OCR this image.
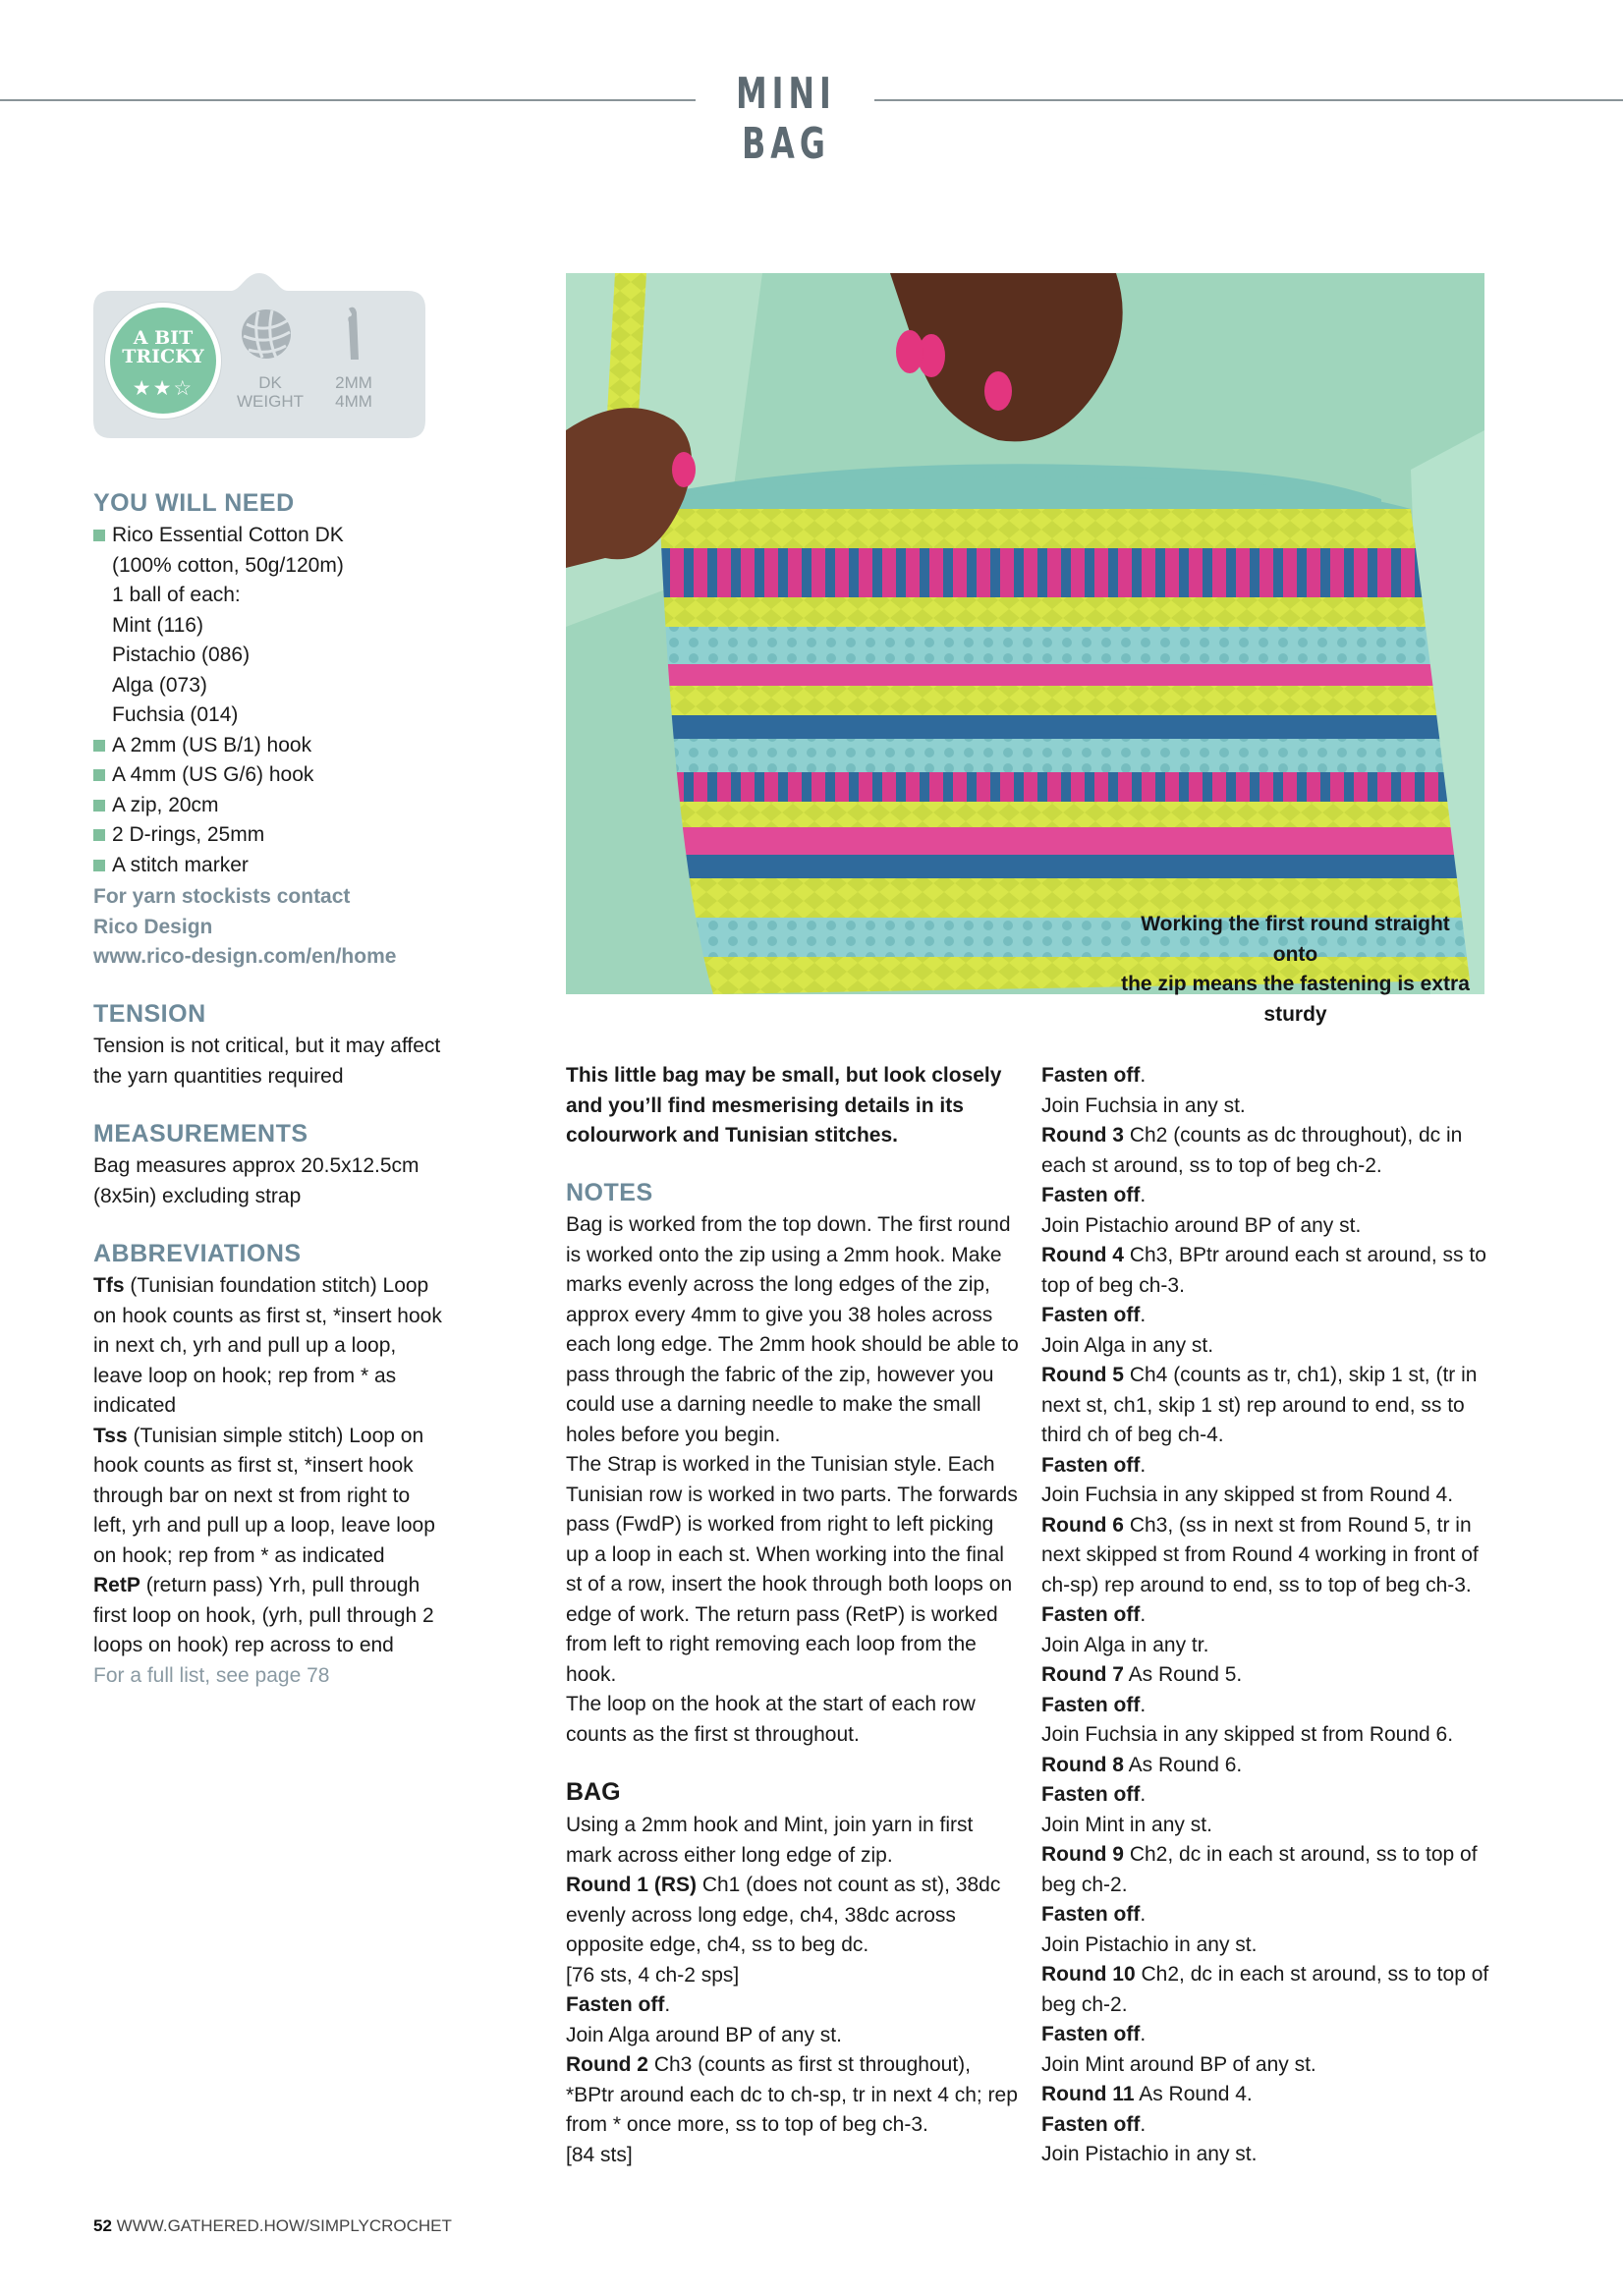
MINI BAG
A BIT
TRICKY
★★☆	DK
WEIGHT
2MM
4MM
YOU WILL NEED
Rico Essential Cotton DK
(100% cotton, 50g/120m)
1 ball of each:
Mint (116)
Pistachio (086)
Alga (073)
Fuchsia (014)
A 2mm (US B/1) hook
A 4mm (US G/6) hook
A zip, 20cm
2 D-rings, 25mm
A stitch marker
For yarn stockists contact
Rico Design
www.rico-design.com/en/home
TENSION
Tension is not critical, but it may affect the yarn quantities required
MEASUREMENTS
Bag measures approx 20.5x12.5cm (8x5in) excluding strap
ABBREVIATIONS
Tfs (Tunisian foundation stitch) Loop on hook counts as first st, *insert hook in next ch, yrh and pull up a loop, leave loop on hook; rep from * as indicated
Tss (Tunisian simple stitch) Loop on hook counts as first st, *insert hook through bar on next st from right to left, yrh and pull up a loop, leave loop on hook; rep from * as indicated
RetP (return pass) Yrh, pull through first loop on hook, (yrh, pull through 2 loops on hook) rep across to end
For a full list, see page 78
Working the first round straight onto
the zip means the fastening is extra sturdy
This little bag may be small, but look closely and you’ll find mesmerising details in its colourwork and Tunisian stitches.
NOTES
Bag is worked from the top down. The first round is worked onto the zip using a 2mm hook. Make marks evenly across the long edges of the zip, approx every 4mm to give you 38 holes across each long edge. The 2mm hook should be able to pass through the fabric of the zip, however you could use a darning needle to make the small holes before you begin.
The Strap is worked in the Tunisian style. Each Tunisian row is worked in two parts. The forwards pass (FwdP) is worked from right to left picking up a loop in each st. When working into the final st of a row, insert the hook through both loops on edge of work. The return pass (RetP) is worked from left to right removing each loop from the hook.
The loop on the hook at the start of each row counts as the first st throughout.
BAG
Using a 2mm hook and Mint, join yarn in first mark across either long edge of zip.
Round 1 (RS) Ch1 (does not count as st), 38dc evenly across long edge, ch4, 38dc across opposite edge, ch4, ss to beg dc.
[76 sts, 4 ch-2 sps]
Fasten off.
Join Alga around BP of any st.
Round 2 Ch3 (counts as first st throughout), *BPtr around each dc to ch-sp, tr in next 4 ch; rep from * once more, ss to top of beg ch-3.
[84 sts]
Fasten off.
Join Fuchsia in any st.
Round 3 Ch2 (counts as dc throughout), dc in each st around, ss to top of beg ch-2.
Fasten off.
Join Pistachio around BP of any st.
Round 4 Ch3, BPtr around each st around, ss to top of beg ch-3.
Fasten off.
Join Alga in any st.
Round 5 Ch4 (counts as tr, ch1), skip 1 st, (tr in next st, ch1, skip 1 st) rep around to end, ss to third ch of beg ch-4.
Fasten off.
Join Fuchsia in any skipped st from Round 4.
Round 6 Ch3, (ss in next st from Round 5, tr in next skipped st from Round 4 working in front of ch-sp) rep around to end, ss to top of beg ch-3.
Fasten off.
Join Alga in any tr.
Round 7 As Round 5.
Fasten off.
Join Fuchsia in any skipped st from Round 6.
Round 8 As Round 6.
Fasten off.
Join Mint in any st.
Round 9 Ch2, dc in each st around, ss to top of beg ch-2.
Fasten off.
Join Pistachio in any st.
Round 10 Ch2, dc in each st around, ss to top of beg ch-2.
Fasten off.
Join Mint around BP of any st.
Round 11 As Round 4.
Fasten off.
Join Pistachio in any st.
52 WWW.GATHERED.HOW/SIMPLYCROCHET
